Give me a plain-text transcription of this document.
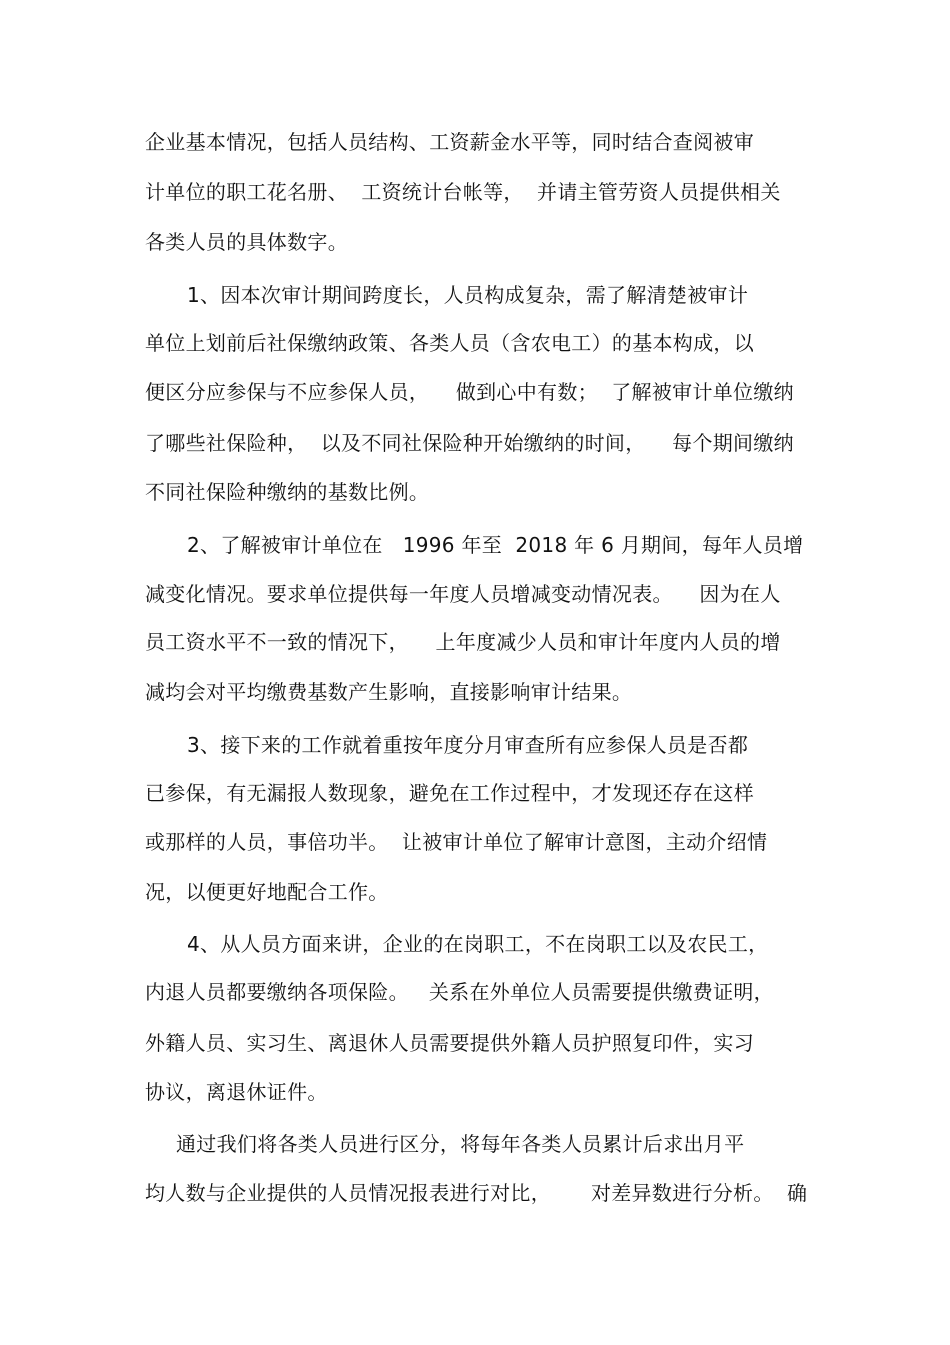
企业基本情况，包括人员结构、工资薪金水平等，同时结合查阅被审
计单位的职工花名册、  工资统计台帐等，  并请主管劳资人员提供相关
各类人员的具体数字。
1、因本次审计期间跨度长，人员构成复杂，需了解清楚被审计
单位上划前后社保缴纳政策、各类人员（含农电工）的基本构成，以
便区分应参保与不应参保人员，    做到心中有数；  了解被审计单位缴纳
了哪些社保险种，  以及不同社保险种开始缴纳的时间，    每个期间缴纳
不同社保险种缴纳的基数比例。
2、了解被审计单位在   1996 年至  2018 年 6 月期间，每年人员增
减变化情况。要求单位提供每一年度人员增减变动情况表。    因为在人
员工资水平不一致的情况下，    上年度减少人员和审计年度内人员的增
减均会对平均缴费基数产生影响，直接影响审计结果。
3、接下来的工作就着重按年度分月审查所有应参保人员是否都
已参保，有无漏报人数现象，避免在工作过程中，才发现还存在这样
或那样的人员，事倍功半。  让被审计单位了解审计意图，主动介绍情
况，以便更好地配合工作。
4、从人员方面来讲，企业的在岗职工，不在岗职工以及农民工，
内退人员都要缴纳各项保险。   关系在外单位人员需要提供缴费证明，
外籍人员、实习生、离退休人员需要提供外籍人员护照复印件，实习
协议，离退休证件。
通过我们将各类人员进行区分，将每年各类人员累计后求出月平
均人数与企业提供的人员情况报表进行对比，      对差异数进行分析。  确
